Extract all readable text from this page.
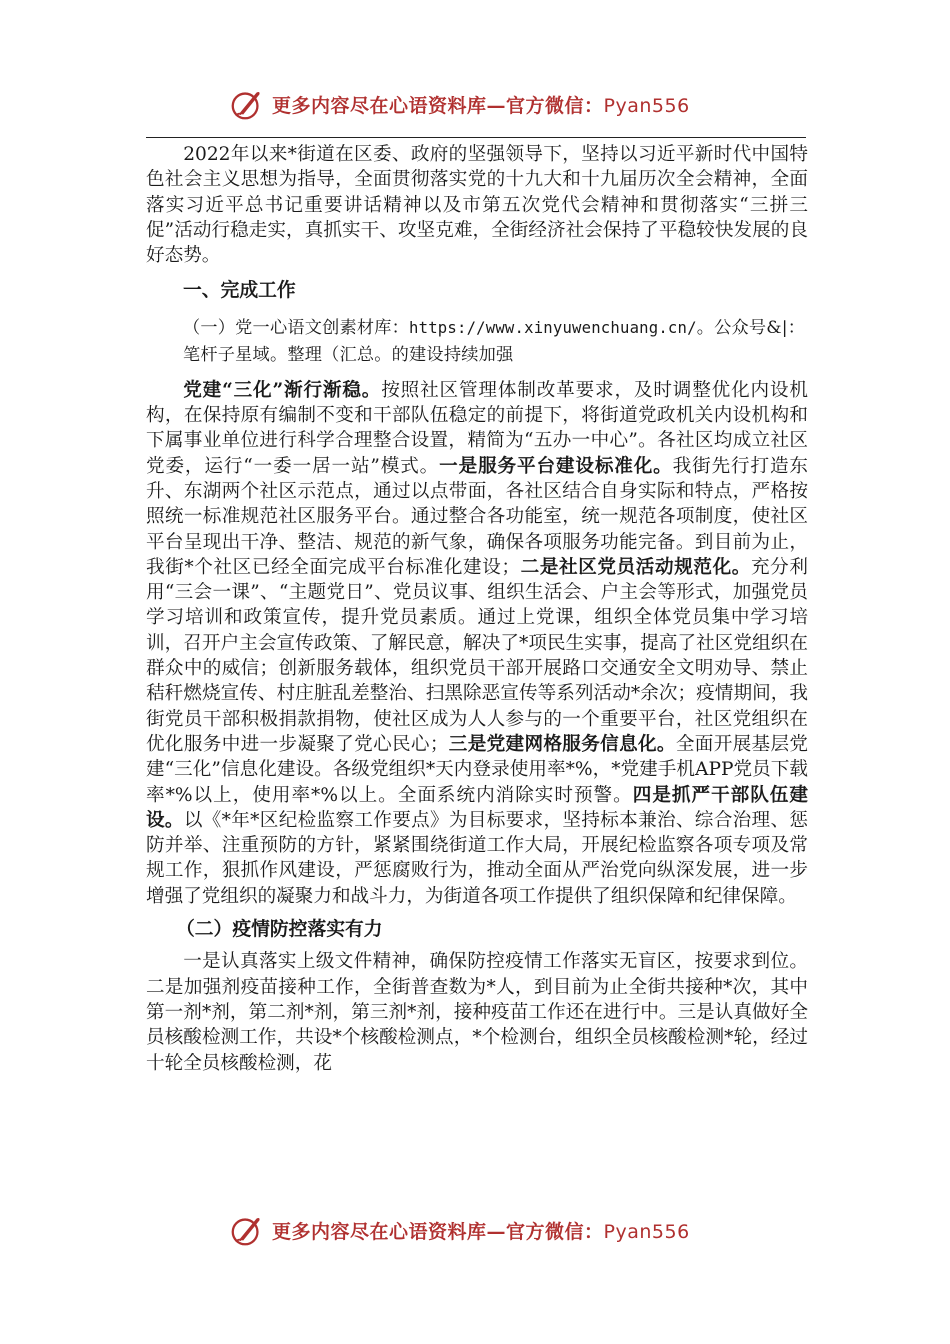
更多内容尽在心语资料库—官方微信：Pyan556

2022年以来*街道在区委、政府的坚强领导下，坚持以习近平新时代中国特色社会主义思想为指导，全面贯彻落实党的十九大和十九届历次全会精神，全面落实习近平总书记重要讲话精神以及市第五次党代会精神和贯彻落实“三拼三促”活动行稳走实，真抓实干、攻坚克难，全街经济社会保持了平稳较快发展的良好态势。

一、完成工作

（一）党一心语文创素材库：https://www.xinyuwenchuang.cn/。公众号&|：笔杆子星域。整理（汇总。的建设持续加强

党建“三化”渐行渐稳。按照社区管理体制改革要求，及时调整优化内设机构，在保持原有编制不变和干部队伍稳定的前提下，将街道党政机关内设机构和下属事业单位进行科学合理整合设置，精简为“五办一中心”。各社区均成立社区党委，运行“一委一居一站”模式。一是服务平台建设标准化。我街先行打造东升、东湖两个社区示范点，通过以点带面，各社区结合自身实际和特点，严格按照统一标准规范社区服务平台。通过整合各功能室，统一规范各项制度，使社区平台呈现出干净、整洁、规范的新气象，确保各项服务功能完备。到目前为止，我街*个社区已经全面完成平台标准化建设；二是社区党员活动规范化。充分利用“三会一课”、“主题党日”、党员议事、组织生活会、户主会等形式，加强党员学习培训和政策宣传，提升党员素质。通过上党课，组织全体党员集中学习培训，召开户主会宣传政策、了解民意，解决了*项民生实事，提高了社区党组织在群众中的威信；创新服务载体，组织党员干部开展路口交通安全文明劝导、禁止秸秆燃烧宣传、村庄脏乱差整治、扫黑除恶宣传等系列活动*余次；疫情期间，我街党员干部积极捐款捐物，使社区成为人人参与的一个重要平台，社区党组织在优化服务中进一步凝聚了党心民心；三是党建网格服务信息化。全面开展基层党建“三化”信息化建设。各级党组织*天内登录使用率*%，*党建手机APP党员下载率*%以上，使用率*%以上。全面系统内消除实时预警。四是抓严干部队伍建设。以《*年*区纪检监察工作要点》为目标要求，坚持标本兼治、综合治理、惩防并举、注重预防的方针，紧紧围绕街道工作大局，开展纪检监察各项专项及常规工作，狠抓作风建设，严惩腐败行为，推动全面从严治党向纵深发展，进一步增强了党组织的凝聚力和战斗力，为街道各项工作提供了组织保障和纪律保障。

（二）疫情防控落实有力

一是认真落实上级文件精神，确保防控疫情工作落实无盲区，按要求到位。二是加强剂疫苗接种工作，全街普查数为*人，到目前为止全街共接种*次，其中第一剂*剂，第二剂*剂，第三剂*剂，接种疫苗工作还在进行中。三是认真做好全员核酸检测工作，共设*个核酸检测点，*个检测台，组织全员核酸检测*轮，经过十轮全员核酸检测，花

更多内容尽在心语资料库—官方微信：Pyan556
